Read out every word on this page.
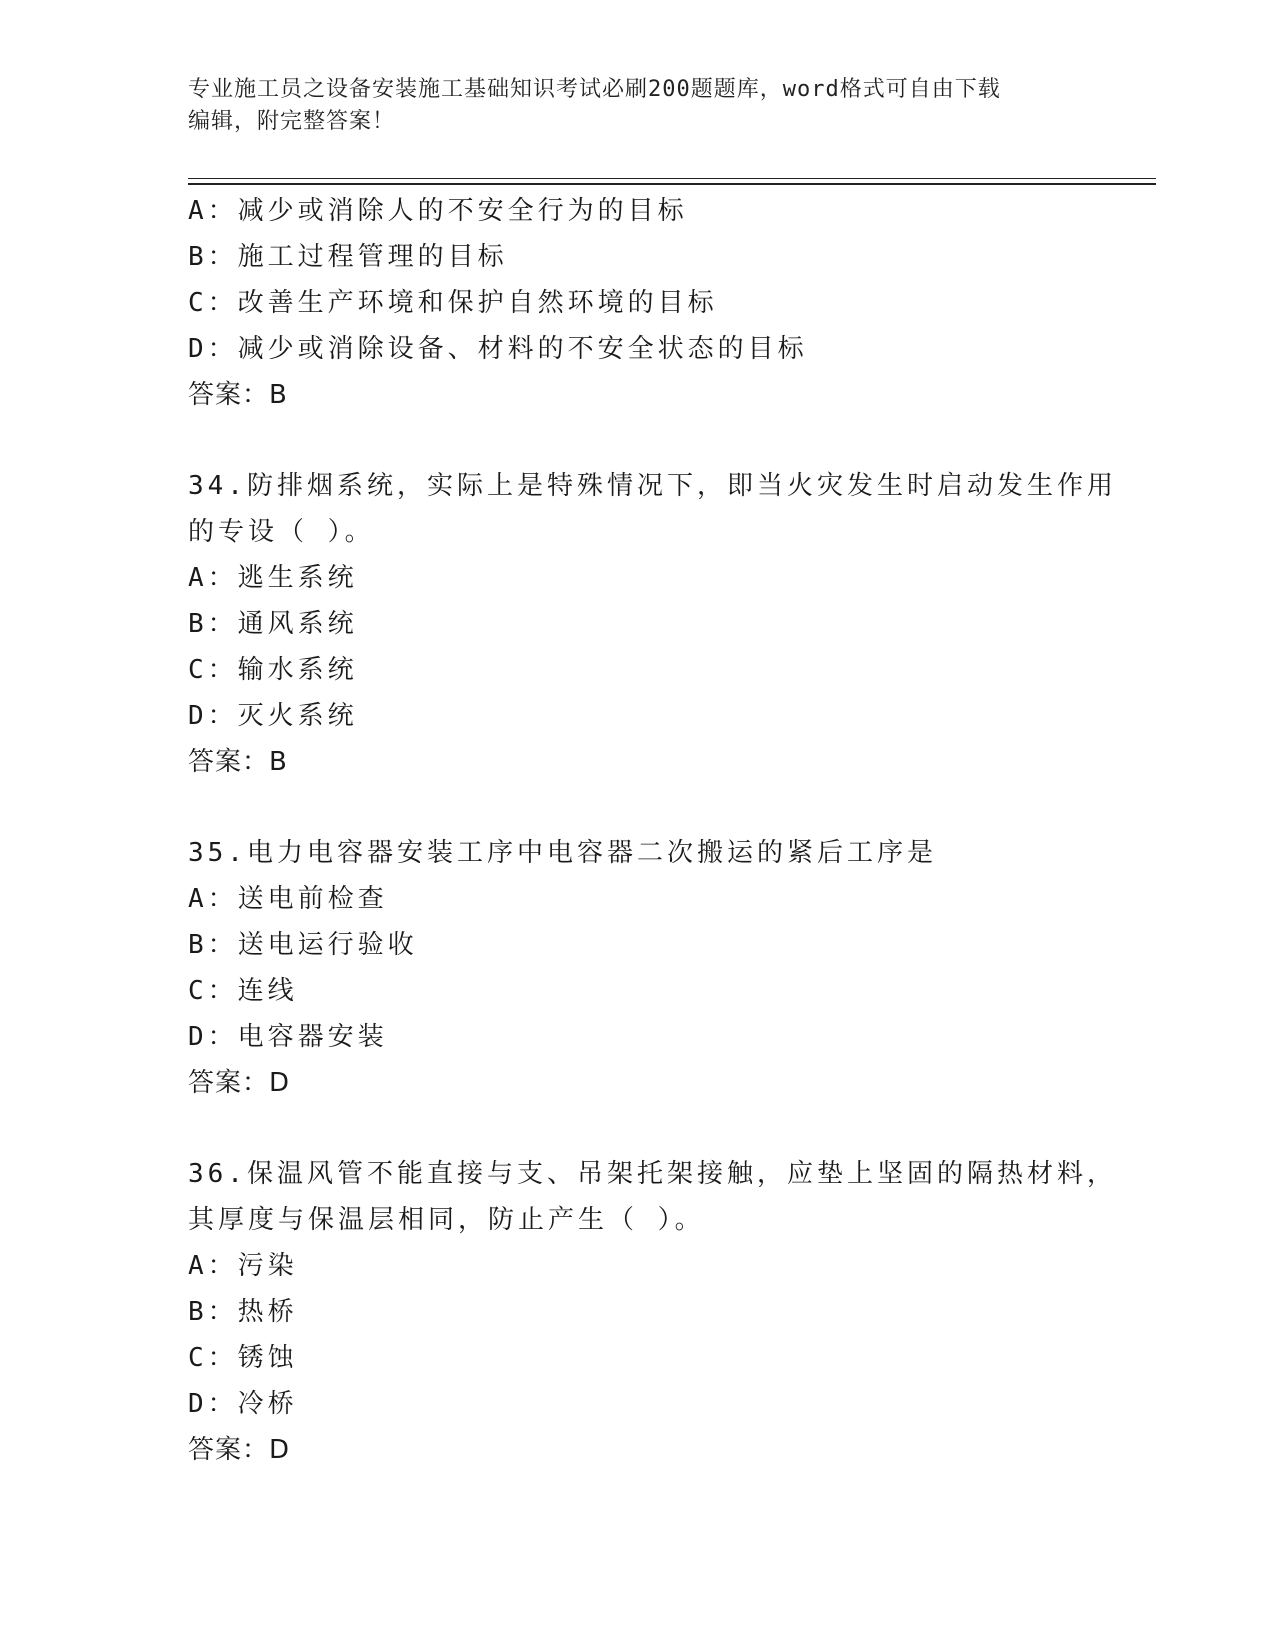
专业施工员之设备安装施工基础知识考试必刷200题题库，word格式可自由下载
编辑，附完整答案！
A：减少或消除人的不安全行为的目标
B：施工过程管理的目标
C：改善生产环境和保护自然环境的目标
D：减少或消除设备、材料的不安全状态的目标
答案：B
34.防排烟系统，实际上是特殊情况下，即当火灾发生时启动发生作用
的专设（ ）。
A：逃生系统
B：通风系统
C：输水系统
D：灭火系统
答案：B
35.电力电容器安装工序中电容器二次搬运的紧后工序是
A：送电前检查
B：送电运行验收
C：连线
D：电容器安装
答案：D
36.保温风管不能直接与支、吊架托架接触，应垫上坚固的隔热材料，
其厚度与保温层相同，防止产生（ ）。
A：污染
B：热桥
C：锈蚀
D：冷桥
答案：D
